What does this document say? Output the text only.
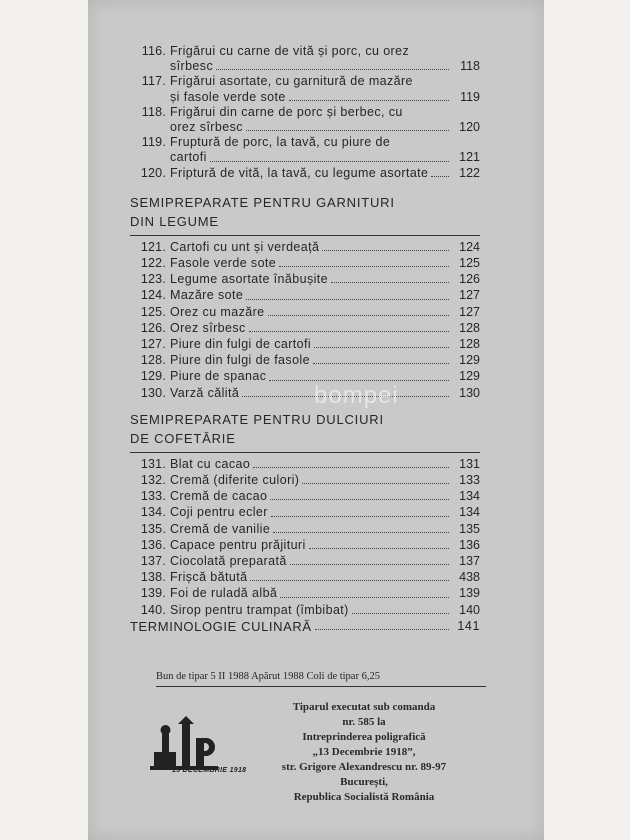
116. Frigărui cu carne de vită și porc, cu orez
sîrbesc	118
117. Frigărui asortate, cu garnitură de mazăre
și fasole verde sote	119
118. Frigărui din carne de porc și berbec, cu
orez sîrbesc	120
119. Fruptură de porc, la tavă, cu piure de
cartofi	121
120. Friptură de vită, la tavă, cu legume asortate	122
SEMIPREPARATE PENTRU GARNITURI
DIN LEGUME
121. Cartofi cu unt și verdeață	124
122. Fasole verde sote	125
123. Legume asortate înăbușite	126
124. Mazăre sote	127
125. Orez cu mazăre	127
126. Orez sîrbesc	128
127. Piure din fulgi de cartofi	128
128. Piure din fulgi de fasole	129
129. Piure de spanac	129
130. Varză călită	130
SEMIPREPARATE PENTRU DULCIURI
DE COFETĂRIE
131. Blat cu cacao	131
132. Cremă (diferite culori)	133
133. Cremă de cacao	134
134. Coji pentru ecler	134
135. Cremă de vanilie	135
136. Capace pentru prăjituri	136
137. Ciocolată preparată	137
138. Frișcă bătută	438
139. Foi de ruladă albă	139
140. Sirop pentru trampat (îmbibat)	140
TERMINOLOGIE CULINARĂ	141
Bun de tipar 5 II 1988 Apărut 1988 Coli de tipar 6,25
13 DECEMBRIE 1918
Tiparul executat sub comanda
nr. 585 la
Intreprinderea poligrafică
„13 Decembrie 1918”,
str. Grigore Alexandrescu nr. 89-97
București,
Republica Socialistă România
bompei
